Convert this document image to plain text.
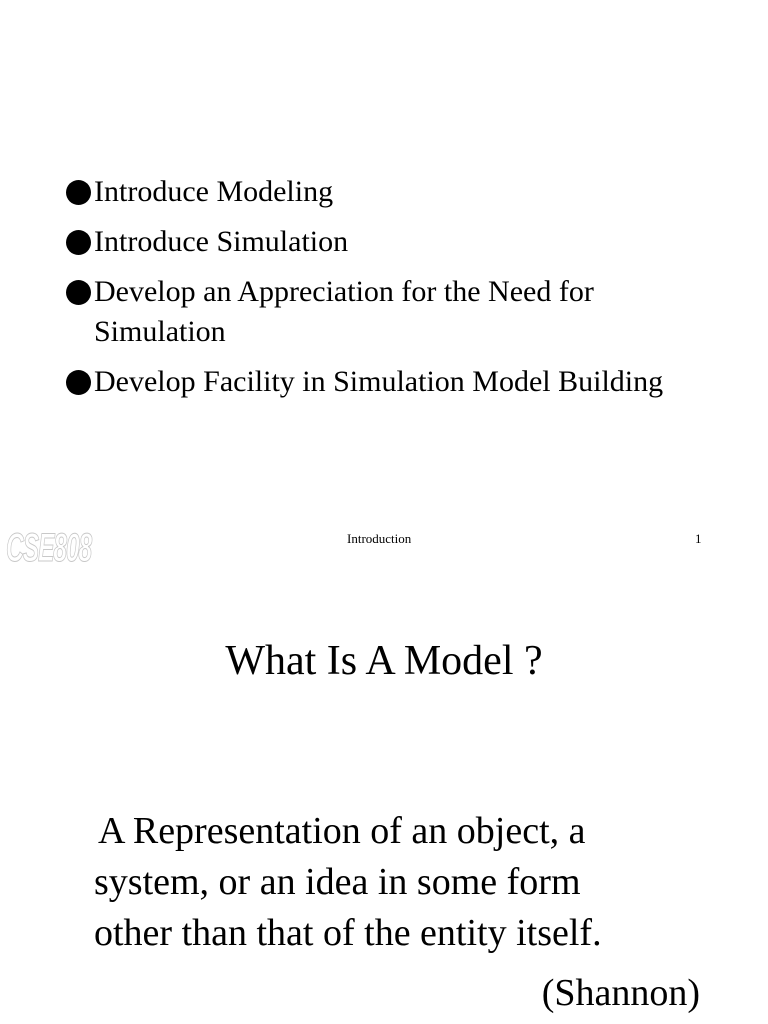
Introduce Modeling
Introduce Simulation
Develop an Appreciation for the Need for Simulation
Develop Facility in Simulation Model Building
CSE808	Introduction	1
What Is A Model ?

A Representation of an object, a
system, or an idea in some form
other than that of the entity itself.

(Shannon)
